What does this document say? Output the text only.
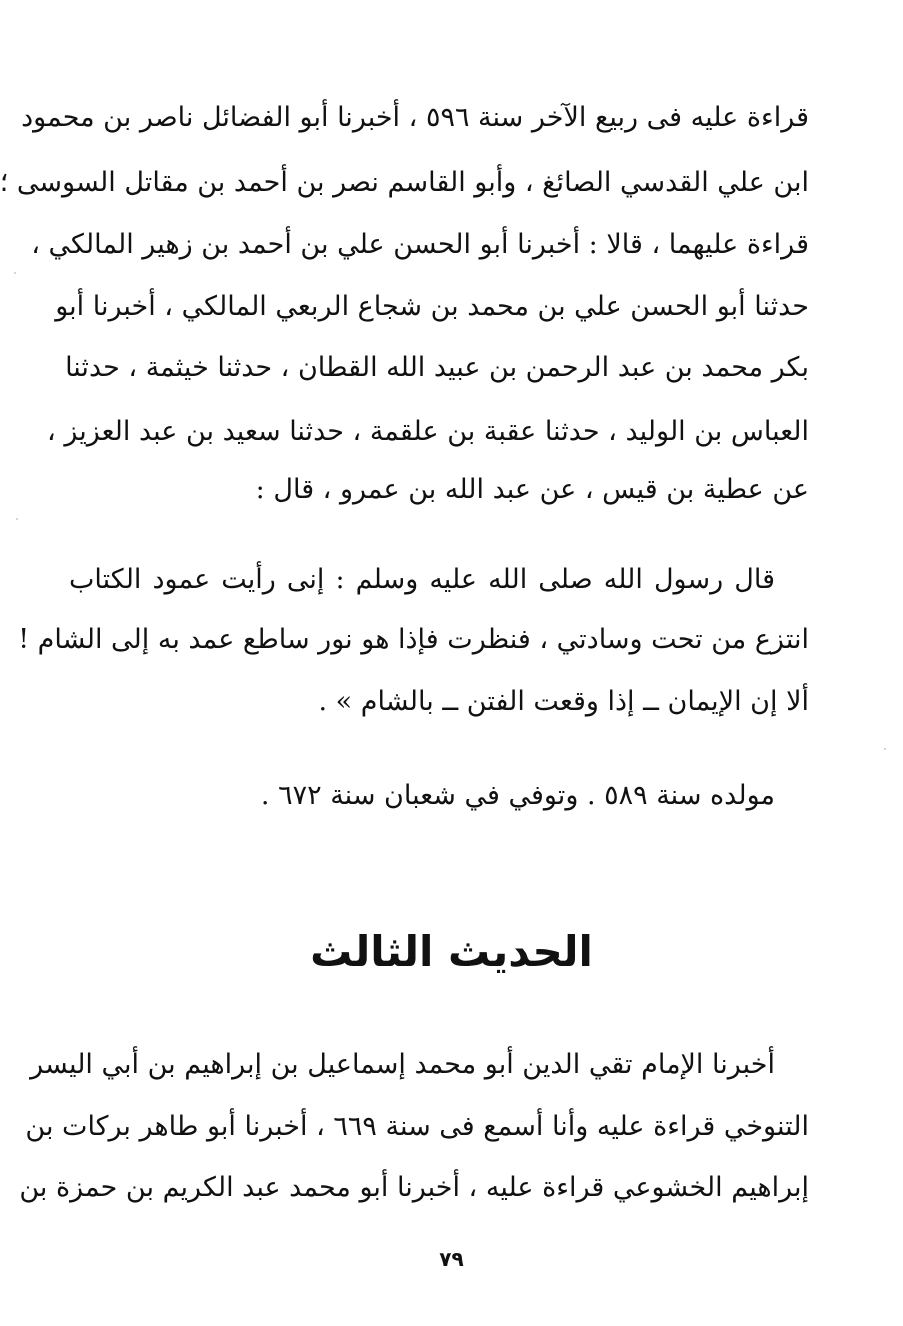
قراءة عليه فى ربيع الآخر سنة ٥٩٦ ، أخبرنا أبو الفضائل ناصر بن محمود
ابن علي القدسي الصائغ ، وأبو القاسم نصر بن أحمد بن مقاتل السوسى ؛
قراءة عليهما ، قالا : أخبرنا أبو الحسن علي بن أحمد بن زهير المالكي ،
حدثنا أبو الحسن علي بن محمد بن شجاع الربعي المالكي ، أخبرنا أبو
بكر محمد بن عبد الرحمن بن عبيد الله القطان ، حدثنا خيثمة ، حدثنا
العباس بن الوليد ، حدثنا عقبة بن علقمة ، حدثنا سعيد بن عبد العزيز ،
عن عطية بن قيس ، عن عبد الله بن عمرو ، قال :
قال رسول الله صلى الله عليه وسلم : إنى رأيت عمود الكتاب
انتزع من تحت وسادتي ، فنظرت فإذا هو نور ساطع عمد به إلى الشام !
ألا إن الإيمان ــ إذا وقعت الفتن ــ بالشام » .
مولده سنة ٥٨٩ . وتوفي في شعبان سنة ٦٧٢ .
الحديث الثالث
أخبرنا الإمام تقي الدين أبو محمد إسماعيل بن إبراهيم بن أبي اليسر
التنوخي قراءة عليه وأنا أسمع فى سنة ٦٦٩ ، أخبرنا أبو طاهر بركات بن
إبراهيم الخشوعي قراءة عليه ، أخبرنا أبو محمد عبد الكريم بن حمزة بن
٧٩
